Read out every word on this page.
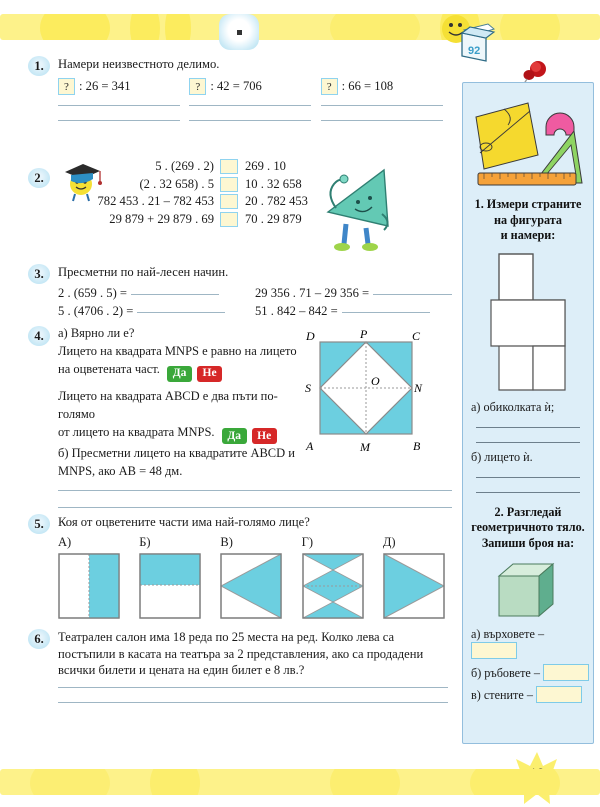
92
1.	Намери неизвестното делимо.
? : 26 = 341	? : 42 = 706	? : 66 = 108
2.
5 . (269 . 2)	269 . 10
(2 . 32 658) . 5	10 . 32 658
782 453 . 21 – 782 453	20 . 782 453
29 879 + 29 879 . 69	70 . 29 879
3.	Пресметни по най-лесен начин.
2 . (659 . 5) =	29 356 . 71 – 29 356 =
5 . (4706 . 2) =	51 . 842 – 842 =
4.	а) Вярно ли е?
Лицето на квадрата MNPS е равно на лицето
на оцветената част.	Да	Не
Лицето на квадрата ABCD е два пъти по-голямо
от лицето на квадрата MNPS.	Да	Не
б) Пресметни лицето на квадратите ABCD и
MNPS, ако AB = 48 дм.
D	P	C
S	O	N
A	M	B
5.	Коя от оцветените части има най-голямо лице?
А)	Б)	В)	Г)	Д)
6.	Театрален салон има 18 реда по 25 места на ред. Колко лева са
постъпили в касата на театъра за 2 представления, ако са продадени
всички билети и цената на един билет е 8 лв.?
1. Измери страните
на фигурата
и намери:
а) обиколката ѝ;
б) лицето ѝ.
2. Разгледай
геометричното тяло.
Запиши броя на:
а) върховете –
б) ръбовете –
в) стените –
